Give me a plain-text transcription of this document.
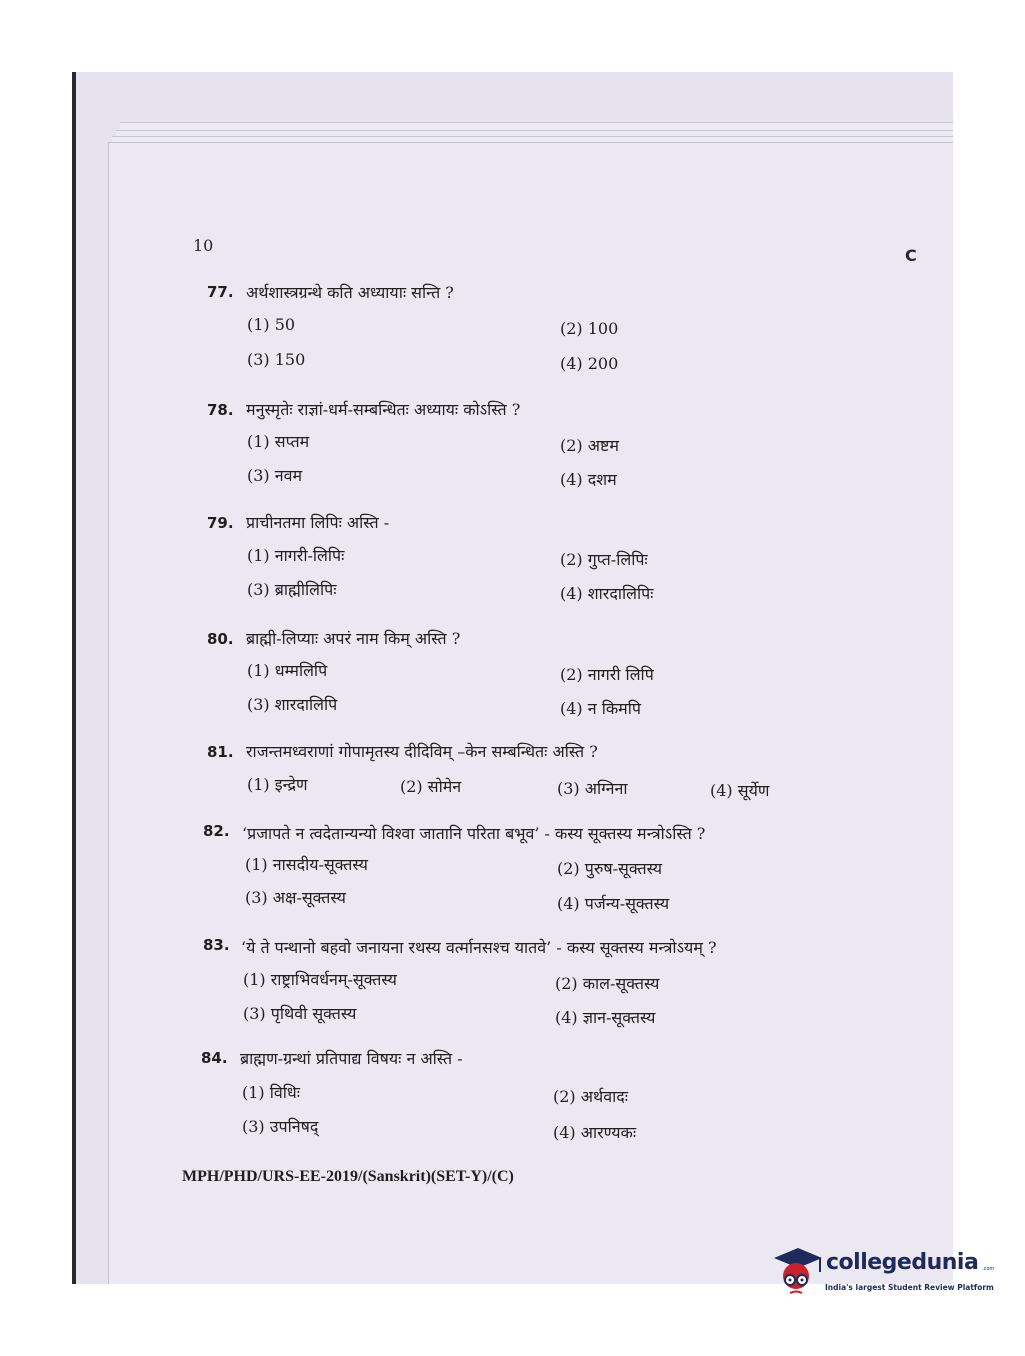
10
C
77. अर्थशास्त्रग्रन्थे कति अध्यायाः सन्ति ?
(1) 50	(2) 100
(3) 150	(4) 200
78. मनुस्मृतेः राज्ञां-धर्म-सम्बन्धितः अध्यायः कोऽस्ति ?
(1) सप्तम	(2) अष्टम
(3) नवम	(4) दशम
79. प्राचीनतमा लिपिः अस्ति -
(1) नागरी-लिपिः	(2) गुप्त-लिपिः
(3) ब्राह्मीलिपिः	(4) शारदालिपिः
80. ब्राह्मी-लिप्याः अपरं नाम किम् अस्ति ?
(1) धम्मलिपि	(2) नागरी लिपि
(3) शारदालिपि	(4) न किमपि
81. राजन्तमध्वराणां गोपामृतस्य दीदिविम् –केन सम्बन्धितः अस्ति ?
(1) इन्द्रेण	(2) सोमेन	(3) अग्निना	(4) सूर्येण
82. ‘प्रजापते न त्वदेतान्यन्यो विश्वा जातानि परिता बभूव’ - कस्य सूक्तस्य मन्त्रोऽस्ति ?
(1) नासदीय-सूक्तस्य	(2) पुरुष-सूक्तस्य
(3) अक्ष-सूक्तस्य	(4) पर्जन्य-सूक्तस्य
83. ‘ये ते पन्थानो बहवो जनायना रथस्य वर्त्मानसश्च यातवे’ - कस्य सूक्तस्य मन्त्रोऽयम् ?
(1) राष्ट्राभिवर्धनम्-सूक्तस्य	(2) काल-सूक्तस्य
(3) पृथिवी सूक्तस्य	(4) ज्ञान-सूक्तस्य
84. ब्राह्मण-ग्रन्थां प्रतिपाद्य विषयः न अस्ति -
(1) विधिः	(2) अर्थवादः
(3) उपनिषद्	(4) आरण्यकः
MPH/PHD/URS-EE-2019/(Sanskrit)(SET-Y)/(C)
collegedunia .com
India's largest Student Review Platform
